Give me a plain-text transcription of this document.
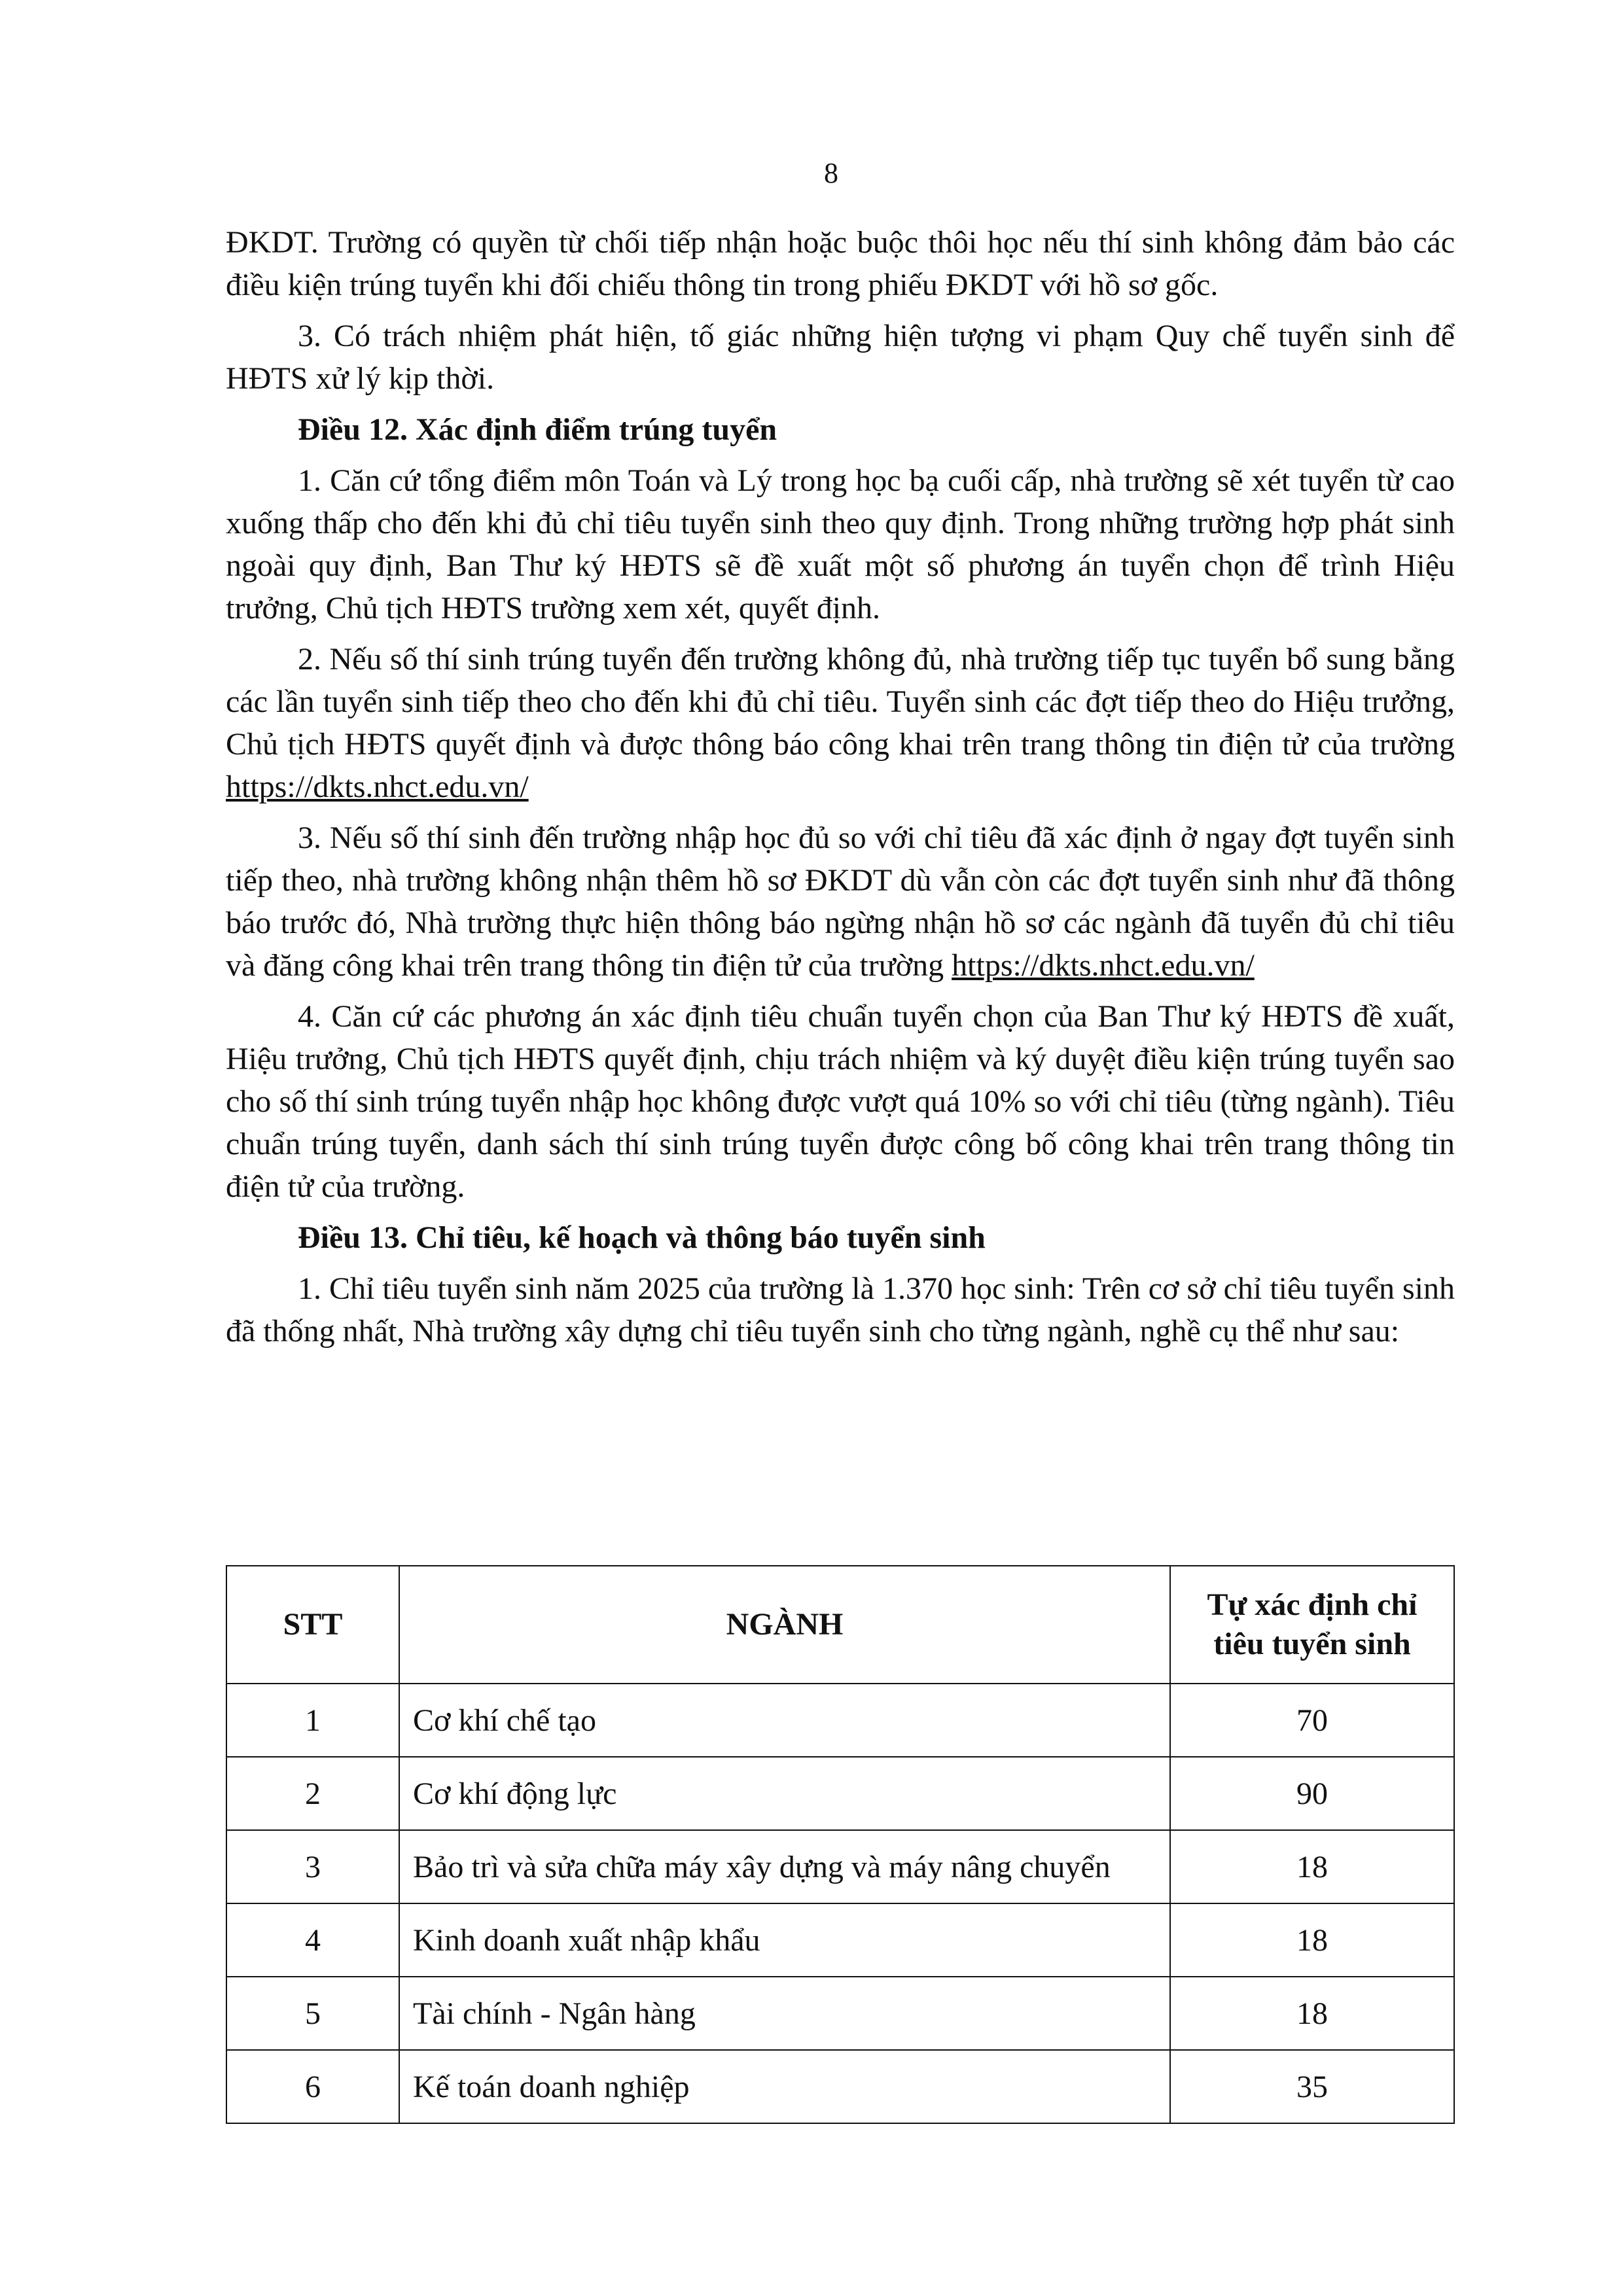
8

ĐKDT. Trường có quyền từ chối tiếp nhận hoặc buộc thôi học nếu thí sinh không đảm bảo các điều kiện trúng tuyển khi đối chiếu thông tin trong phiếu ĐKDT với hồ sơ gốc.

3. Có trách nhiệm phát hiện, tố giác những hiện tượng vi phạm Quy chế tuyển sinh để HĐTS xử lý kịp thời.

Điều 12. Xác định điểm trúng tuyển

1. Căn cứ tổng điểm môn Toán và Lý trong học bạ cuối cấp, nhà trường sẽ xét tuyển từ cao xuống thấp cho đến khi đủ chỉ tiêu tuyển sinh theo quy định. Trong những trường hợp phát sinh ngoài quy định, Ban Thư ký HĐTS sẽ đề xuất một số phương án tuyển chọn để trình Hiệu trưởng, Chủ tịch HĐTS trường xem xét, quyết định.

2. Nếu số thí sinh trúng tuyển đến trường không đủ, nhà trường tiếp tục tuyển bổ sung bằng các lần tuyển sinh tiếp theo cho đến khi đủ chỉ tiêu. Tuyển sinh các đợt tiếp theo do Hiệu trưởng, Chủ tịch HĐTS quyết định và được thông báo công khai trên trang thông tin điện tử của trường https://dkts.nhct.edu.vn/

3. Nếu số thí sinh đến trường nhập học đủ so với chỉ tiêu đã xác định ở ngay đợt tuyển sinh tiếp theo, nhà trường không nhận thêm hồ sơ ĐKDT dù vẫn còn các đợt tuyển sinh như đã thông báo trước đó, Nhà trường thực hiện thông báo ngừng nhận hồ sơ các ngành đã tuyển đủ chỉ tiêu và đăng công khai trên trang thông tin điện tử của trường https://dkts.nhct.edu.vn/

4. Căn cứ các phương án xác định tiêu chuẩn tuyển chọn của Ban Thư ký HĐTS đề xuất, Hiệu trưởng, Chủ tịch HĐTS quyết định, chịu trách nhiệm và ký duyệt điều kiện trúng tuyển sao cho số thí sinh trúng tuyển nhập học không được vượt quá 10% so với chỉ tiêu (từng ngành). Tiêu chuẩn trúng tuyển, danh sách thí sinh trúng tuyển được công bố công khai trên trang thông tin điện tử của trường.

Điều 13. Chỉ tiêu, kế hoạch và thông báo tuyển sinh

1. Chỉ tiêu tuyển sinh năm 2025 của trường là 1.370 học sinh: Trên cơ sở chỉ tiêu tuyển sinh đã thống nhất, Nhà trường xây dựng chỉ tiêu tuyển sinh cho từng ngành, nghề cụ thể như sau:

STT	NGÀNH	Tự xác định chỉ tiêu tuyển sinh
1	Cơ khí chế tạo	70
2	Cơ khí động lực	90
3	Bảo trì và sửa chữa máy xây dựng và máy nâng chuyển	18
4	Kinh doanh xuất nhập khẩu	18
5	Tài chính - Ngân hàng	18
6	Kế toán doanh nghiệp	35
